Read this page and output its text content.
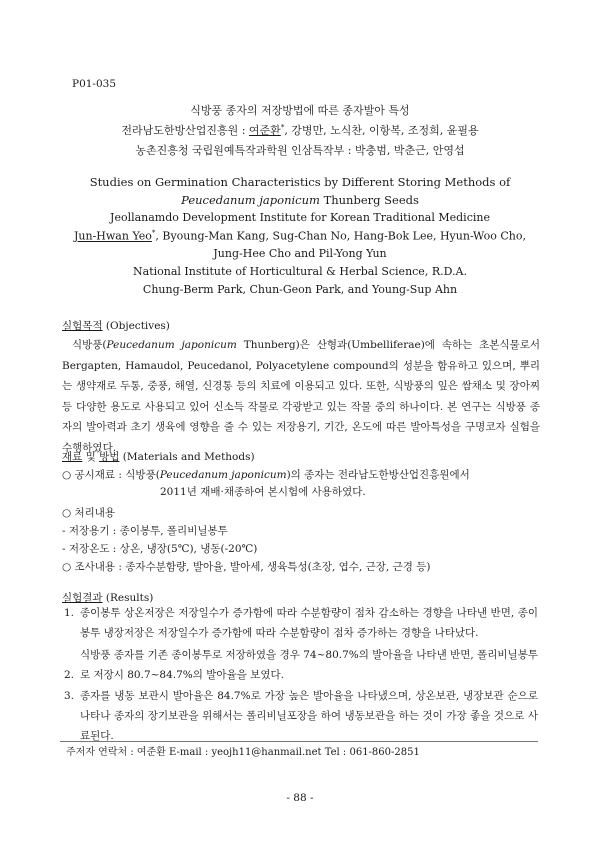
P01-035
식방풍 종자의 저장방법에 따른 종자발아 특성
전라남도한방산업진흥원 : 여준환*, 강병만, 노식찬, 이항복, 조정희, 윤필용
농촌진흥청 국립원예특작과학원 인삼특작부 : 박충범, 박춘근, 안영섭
Studies on Germination Characteristics by Different Storing Methods of
Peucedanum japonicum Thunberg Seeds
Jeollanamdo Development Institute for Korean Traditional Medicine
Jun-Hwan Yeo*, Byoung-Man Kang, Sug-Chan No, Hang-Bok Lee, Hyun-Woo Cho,
Jung-Hee Cho and Pil-Yong Yun
National Institute of Horticultural & Herbal Science, R.D.A.
Chung-Berm Park, Chun-Geon Park, and Young-Sup Ahn
실험목적 (Objectives)
식방풍(Peucedanum japonicum Thunberg)은 산형과(Umbelliferae)에 속하는 초본식물로서 Bergapten, Hamaudol, Peucedanol, Polyacetylene compound의 성분을 함유하고 있으며, 뿌리는 생약재로 두통, 중풍, 해열, 신경통 등의 치료에 이용되고 있다. 또한, 식방풍의 잎은 쌈채소 및 장아찌 등 다양한 용도로 사용되고 있어 신소득 작물로 각광받고 있는 작물 중의 하나이다. 본 연구는 식방풍 종자의 발아력과 초기 생육에 영향을 줄 수 있는 저장용기, 기간, 온도에 따른 발아특성을 구명코자 실험을 수행하였다.
재료 및 방법 (Materials and Methods)
○ 공시재료 : 식방풍(Peucedanum japonicum)의 종자는 전라남도한방산업진흥원에서
2011년 재배·채종하여 본시험에 사용하였다.
○ 처리내용
- 저장용기 : 종이봉투, 폴리비닐봉투
- 저장온도 : 상온, 냉장(5℃), 냉동(-20℃)
○ 조사내용 : 종자수분함량, 발아율, 발아세, 생육특성(초장, 엽수, 근장, 근경 등)
실험결과 (Results)
1. 종이봉투 상온저장은 저장일수가 증가함에 따라 수분함량이 점차 감소하는 경향을 나타낸 반면, 종이봉투 냉장저장은 저장일수가 증가함에 따라 수분함량이 점차 증가하는 경향을 나타났다.
2.
식방풍 종자를 기존 종이봉투로 저장하였을 경우 74~80.7%의 발아율을 나타낸 반면, 폴리비닐봉투로 저장시 80.7~84.7%의 발아율을 보였다.
3. 종자를 냉동 보관시 발아율은 84.7%로 가장 높은 발아율을 나타냈으며, 상온보관, 냉장보관 순으로 나타나 종자의 장기보관을 위해서는 폴리비닐포장을 하여 냉동보관을 하는 것이 가장 좋을 것으로 사료된다.
주저자 연락처 : 여준환 E-mail : yeojh11@hanmail.net Tel : 061-860-2851
- 88 -
